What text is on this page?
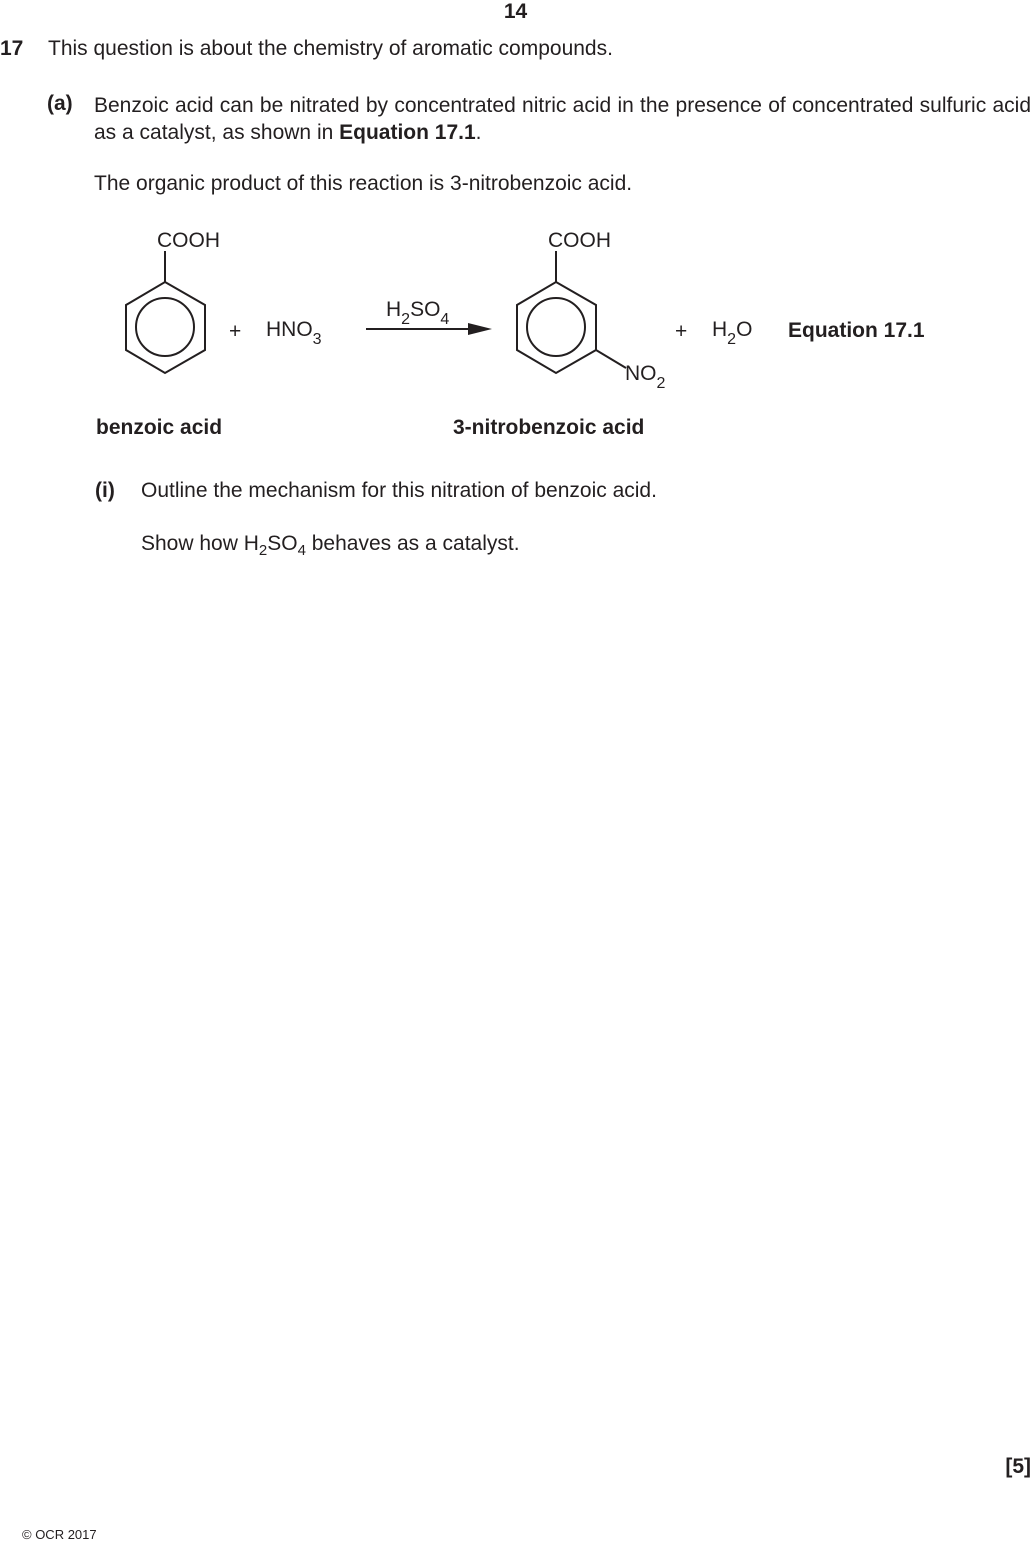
14
17 This question is about the chemistry of aromatic compounds.
(a) Benzoic acid can be nitrated by concentrated nitric acid in the presence of concentrated sulfuric acid as a catalyst, as shown in Equation 17.1.
The organic product of this reaction is 3-nitrobenzoic acid.
COOH
+ $HNO_3$
$H_2SO_4$
COOH
$NO_2$
+ $H_2O$ Equation 17.1
benzoic acid	3-nitrobenzoic acid
(i) Outline the mechanism for this nitration of benzoic acid.
Show how $H_2SO_4$ behaves as a catalyst.
[5]
© OCR 2017
